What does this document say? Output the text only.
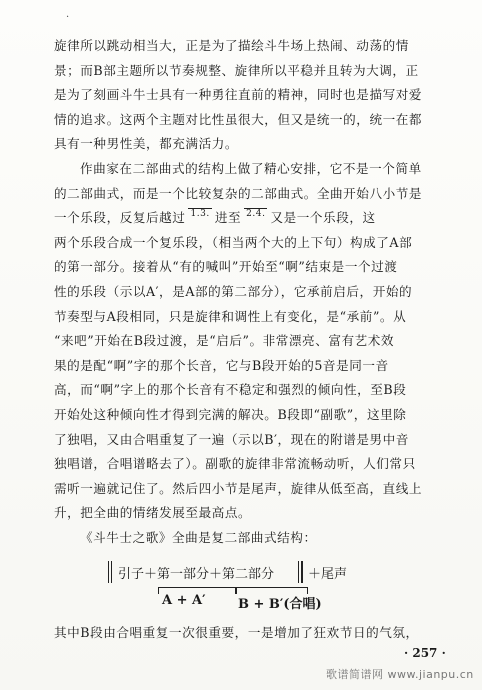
·
旋律所以跳动相当大，正是为了描绘斗牛场上热闹、动荡的情
景；而B部主题所以节奏规整、旋律所以平稳并且转为大调，正
是为了刻画斗牛士具有一种勇往直前的精神，同时也是描写对爱
情的追求。这两个主题对比性虽很大，但又是统一的，统一在都
具有一种男性美，都充满活力。
作曲家在二部曲式的结构上做了精心安排，它不是一个简单
的二部曲式，而是一个比较复杂的二部曲式。全曲开始八小节是
一个乐段，反复后越过 1.3. 进至 2.4. 又是一个乐段，这
两个乐段合成一个复乐段，（相当两个大的上下句）构成了A部
的第一部分。接着从“有的喊叫”开始至“啊”结束是一个过渡
性的乐段（示以A′，是A部的第二部分），它承前启后，开始的
节奏型与A段相同，只是旋律和调性上有变化，是“承前”。从
“来吧”开始在B段过渡，是“启后”。非常漂亮、富有艺术效
果的是配“啊”字的那个长音，它与B段开始的5音是同一音
高，而“啊”字上的那个长音有不稳定和强烈的倾向性，至B段
开始处这种倾向性才得到完满的解决。B段即“副歌”，这里除
了独唱，又由合唱重复了一遍（示以B′，现在的附谱是男中音
独唱谱，合唱谱略去了）。副歌的旋律非常流畅动听，人们常只
需听一遍就记住了。然后四小节是尾声，旋律从低至高，直线上
升，把全曲的情绪发展至最高点。
《斗牛士之歌》全曲是复二部曲式结构：
引子＋第一部分＋第二部分	＋尾声
A + A′ B + B′(合唱)
其中B段由合唱重复一次很重要，一是增加了狂欢节日的气氛，
· 257 ·
歌谱简谱网 www.jianpu.cn
